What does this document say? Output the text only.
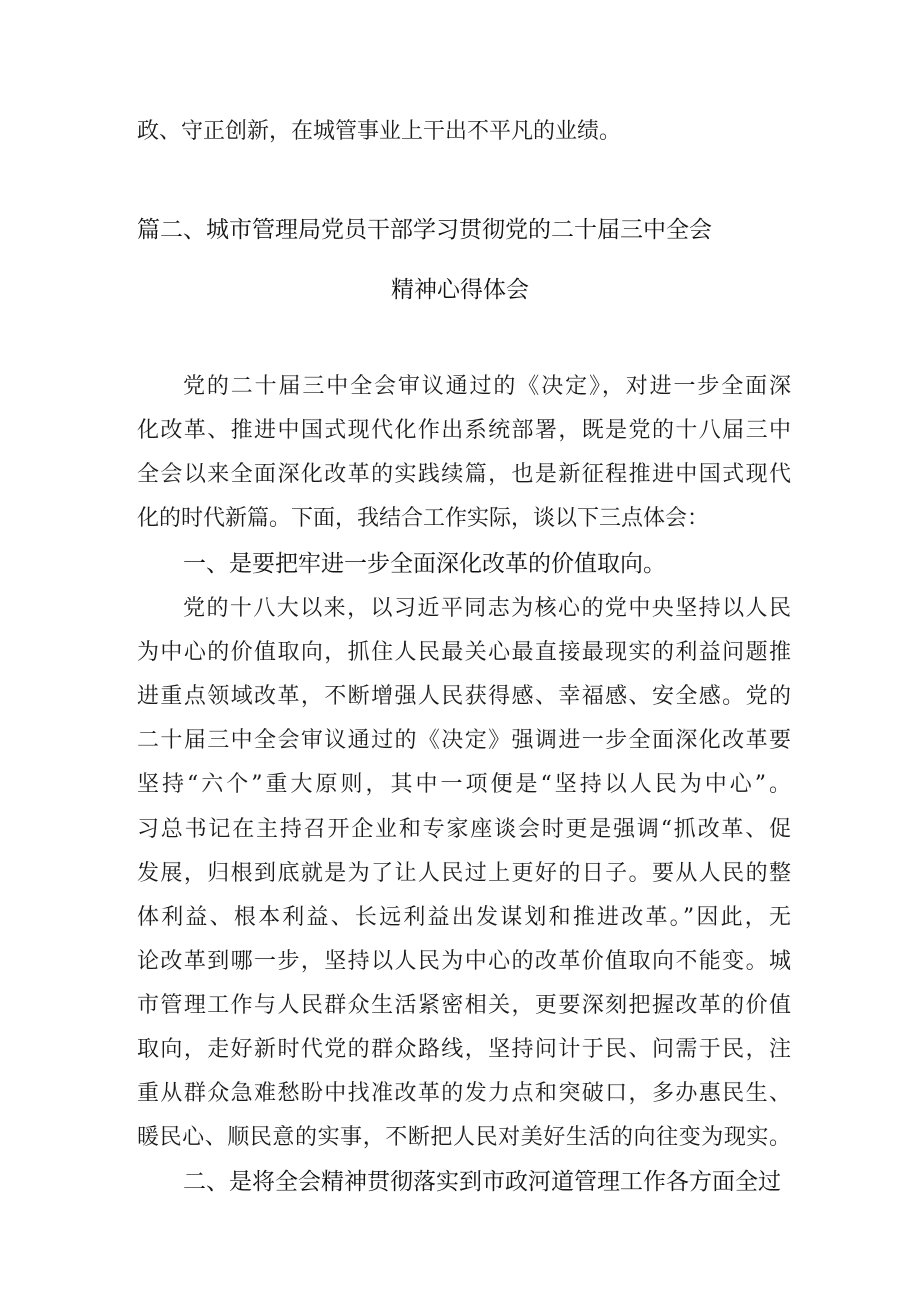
政、守正创新，在城管事业上干出不平凡的业绩。
篇二、城市管理局党员干部学习贯彻党的二十届三中全会
精神心得体会
党的二十届三中全会审议通过的《决定》，对进一步全面深
化改革、推进中国式现代化作出系统部署，既是党的十八届三中
全会以来全面深化改革的实践续篇，也是新征程推进中国式现代
化的时代新篇。下面，我结合工作实际，谈以下三点体会：
一、是要把牢进一步全面深化改革的价值取向。
党的十八大以来，以习近平同志为核心的党中央坚持以人民
为中心的价值取向，抓住人民最关心最直接最现实的利益问题推
进重点领域改革，不断增强人民获得感、幸福感、安全感。党的
二十届三中全会审议通过的《决定》强调进一步全面深化改革要
坚持“六个”重大原则，其中一项便是“坚持以人民为中心”。
习总书记在主持召开企业和专家座谈会时更是强调“抓改革、促
发展，归根到底就是为了让人民过上更好的日子。要从人民的整
体利益、根本利益、长远利益出发谋划和推进改革。”因此，无
论改革到哪一步，坚持以人民为中心的改革价值取向不能变。城
市管理工作与人民群众生活紧密相关，更要深刻把握改革的价值
取向，走好新时代党的群众路线，坚持问计于民、问需于民，注
重从群众急难愁盼中找准改革的发力点和突破口，多办惠民生、
暖民心、顺民意的实事，不断把人民对美好生活的向往变为现实。
二、是将全会精神贯彻落实到市政河道管理工作各方面全过
